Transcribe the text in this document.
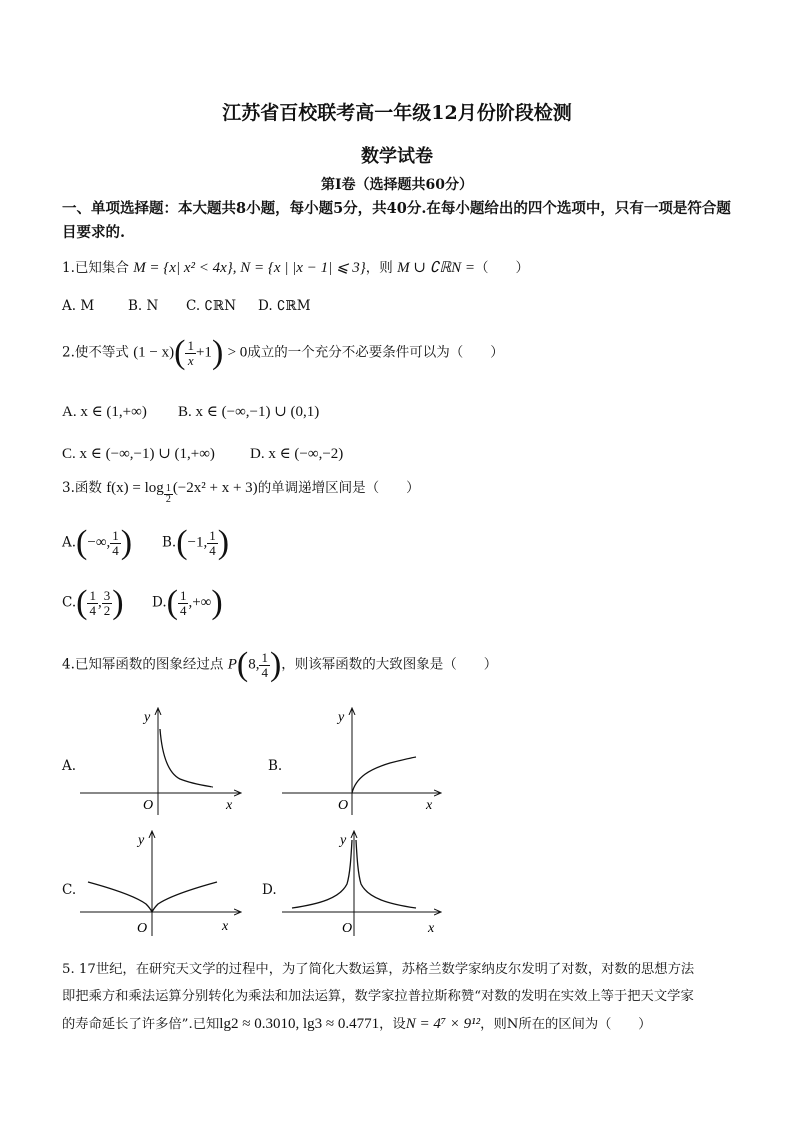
江苏省百校联考高一年级12月份阶段检测
数学试卷
第I卷（选择题共60分）
一、单项选择题：本大题共8小题，每小题5分，共40分.在每小题给出的四个选项中，只有一项是符合题目要求的.
1.已知集合 M = {x| x² < 4x}, N = {x | |x − 1| ⩽ 3}，则 M ∪ ∁ℝN =（　　）
A. M	B. N C. ∁ℝN D. ∁ℝM
2.使不等式 $(1 - x)( \frac{1}{x} +1) > 0$成立的一个充分不必要条件可以为（　　）
A. x ∈ (1,+∞) B. x ∈ (−∞,−1) ∪ (0,1)
C. x ∈ (−∞,−1) ∪ (1,+∞) D. x ∈ (−∞,−2)
3.函数 $f(x) = \log \frac{1}{2} (-2x^2 + x + 3)$的单调递增区间是（　　）
A.(−∞, $\frac{1}{4}$ ) B.(−1, $\frac{1}{4}$ )
$C.( \frac{1}{4}$ , $\frac{3}{2}$ ) $D.( \frac{1}{4}$ ,+∞)
4.已知幂函数的图象经过点 P(8, $\frac{1}{4}$ )，则该幂函数的大致图象是（　　）
A.	B.
C.	D.
y
x
O
y
x
O
y
x
O
y
x
O
5. 17世纪，在研究天文学的过程中，为了简化大数运算，苏格兰数学家纳皮尔发明了对数，对数的思想方法
即把乘方和乘法运算分别转化为乘法和加法运算，数学家拉普拉斯称赞“对数的发明在实效上等于把天文学家
的寿命延长了许多倍”.已知lg2 ≈ 0.3010, lg3 ≈ 0.4771，设N = 4⁷ × 9¹²，则N所在的区间为（　　）
